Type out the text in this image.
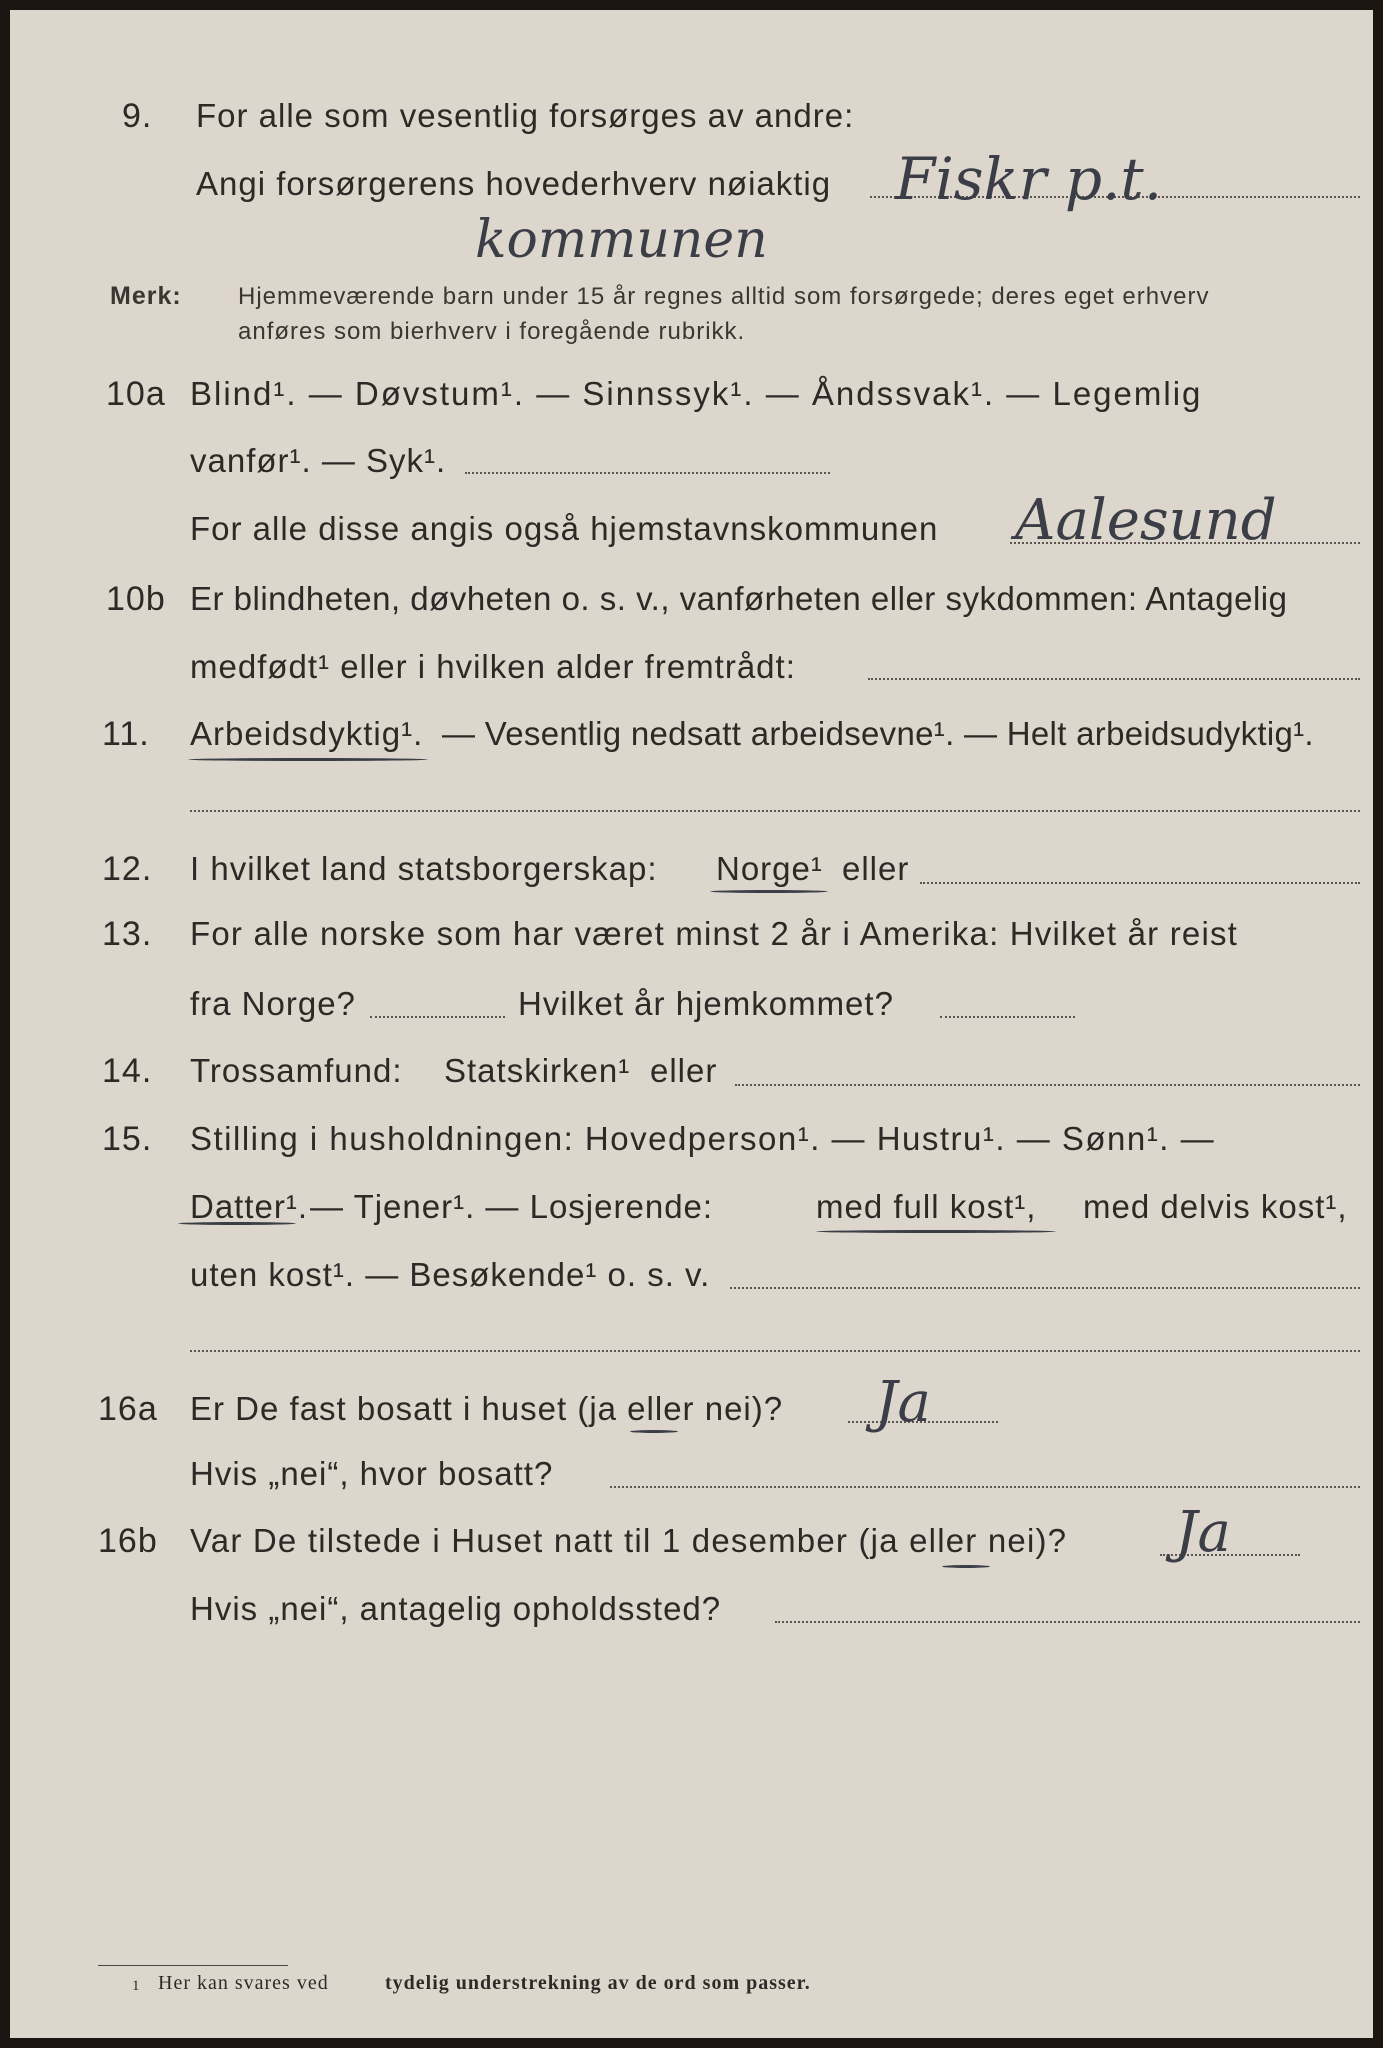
9. For alle som vesentlig forsørges av andre:
Angi forsørgerens hovederhverv nøiaktig Fiskr p.t.
kommunen
Merk: Hjemmeværende barn under 15 år regnes alltid som forsørgede; deres eget erhverv
anføres som bierhverv i foregående rubrikk.
10a Blind¹. — Døvstum¹. — Sinnssyk¹. — Åndssvak¹. — Legemlig
vanfør¹. — Syk¹.
For alle disse angis også hjemstavnskommunen Aalesund
10b Er blindheten, døvheten o. s. v., vanførheten eller sykdommen: Antagelig
medfødt¹ eller i hvilken alder fremtrådt:
11. Arbeidsdyktig¹. — Vesentlig nedsatt arbeidsevne¹. — Helt arbeidsudyktig¹.
12. I hvilket land statsborgerskap: Norge¹ eller
13. For alle norske som har været minst 2 år i Amerika: Hvilket år reist
fra Norge?	Hvilket år hjemkommet?
14. Trossamfund: Statskirken¹ eller
15. Stilling i husholdningen: Hovedperson¹. — Hustru¹. — Sønn¹. —
Datter¹. — Tjener¹. — Losjerende:	med full kost¹, med delvis kost¹,
uten kost¹. — Besøkende¹ o. s. v.
16a Er De fast bosatt i huset (ja eller nei)? Ja
Hvis „nei“, hvor bosatt?
16b Var De tilstede i Huset natt til 1 desember (ja eller nei)? Ja
Hvis „nei“, antagelig opholdssted?
1 Her kan svares ved	tydelig understrekning av de ord som passer.
